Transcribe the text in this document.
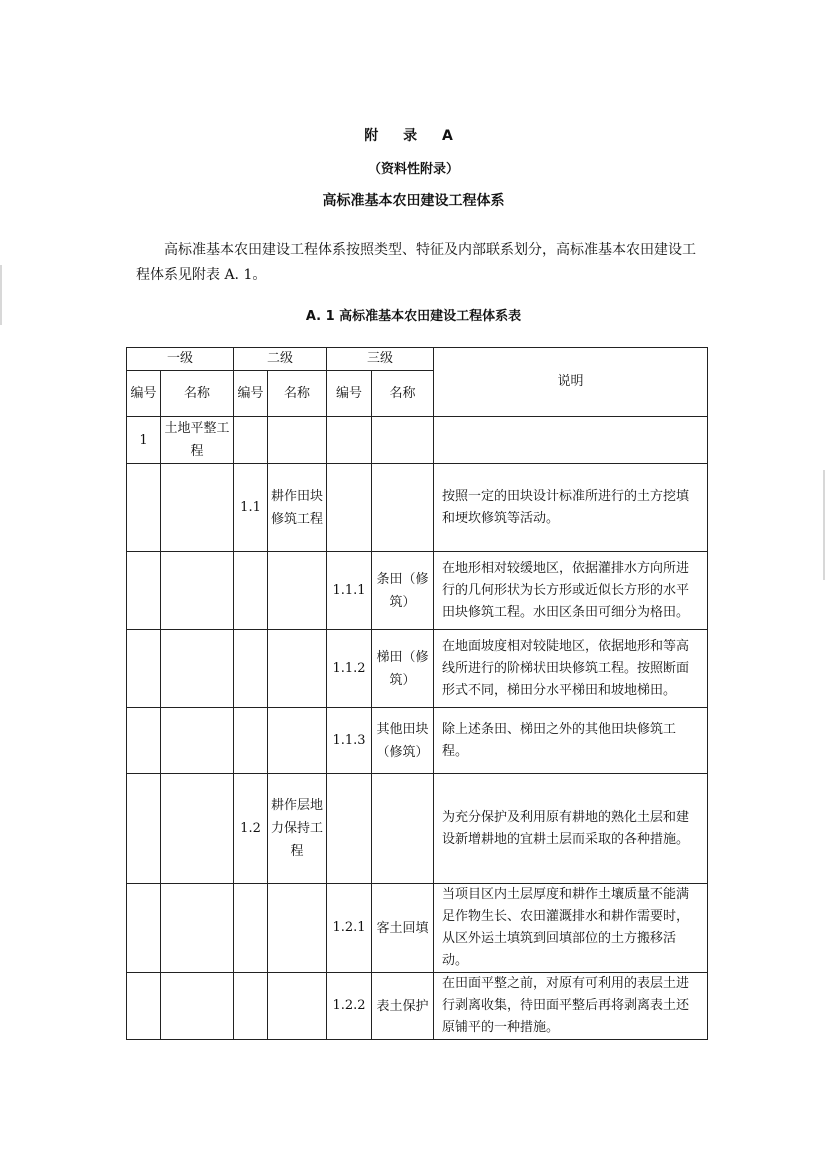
附 录 A
（资料性附录）
高标准基本农田建设工程体系
高标准基本农田建设工程体系按照类型、特征及内部联系划分，高标准基本农田建设工
程体系见附表 A. 1。
A. 1 高标准基本农田建设工程体系表
一级		二级		三级		说明
编号	名称	编号	名称	编号	名称	
1	土地平整工程					
		1.1	耕作田块修筑工程			按照一定的田块设计标准所进行的土方挖填和埂坎修筑等活动。
				1.1.1	条田（修筑）	在地形相对较缓地区，依据灌排水方向所进行的几何形状为长方形或近似长方形的水平田块修筑工程。水田区条田可细分为格田。
				1.1.2	梯田（修筑）	在地面坡度相对较陡地区，依据地形和等高线所进行的阶梯状田块修筑工程。按照断面形式不同，梯田分水平梯田和坡地梯田。
				1.1.3	其他田块（修筑）	除上述条田、梯田之外的其他田块修筑工程。
		1.2	耕作层地力保持工程			为充分保护及利用原有耕地的熟化土层和建设新增耕地的宜耕土层而采取的各种措施。
				1.2.1	客土回填	当项目区内土层厚度和耕作土壤质量不能满足作物生长、农田灌溉排水和耕作需要时，从区外运土填筑到回填部位的土方搬移活动。
				1.2.2	表土保护	在田面平整之前，对原有可利用的表层土进行剥离收集，待田面平整后再将剥离表土还原铺平的一种措施。
